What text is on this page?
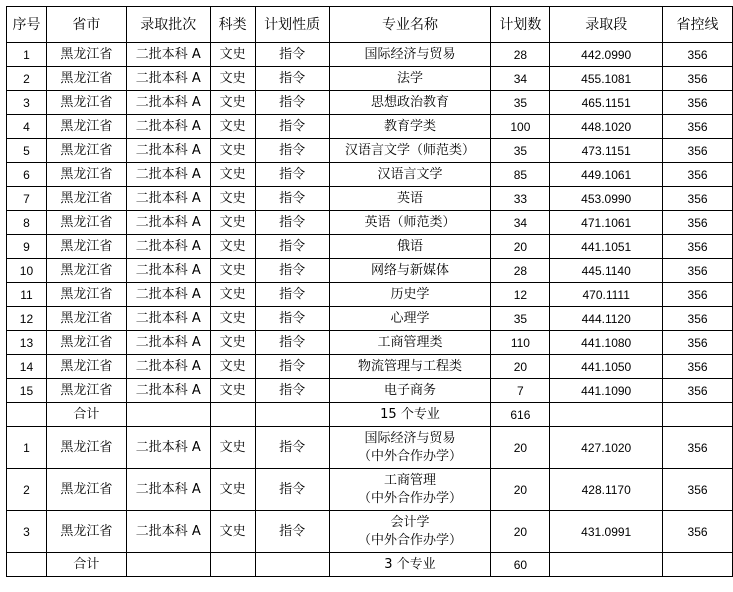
序号	省市	录取批次	科类	计划性质	专业名称	计划数	录取段	省控线
1	黑龙江省	二批本科 A	文史	指令	国际经济与贸易	28	442.0990	356
2	黑龙江省	二批本科 A	文史	指令	法学	34	455.1081	356
3	黑龙江省	二批本科 A	文史	指令	思想政治教育	35	465.1151	356
4	黑龙江省	二批本科 A	文史	指令	教育学类	100	448.1020	356
5	黑龙江省	二批本科 A	文史	指令	汉语言文学（师范类）	35	473.1151	356
6	黑龙江省	二批本科 A	文史	指令	汉语言文学	85	449.1061	356
7	黑龙江省	二批本科 A	文史	指令	英语	33	453.0990	356
8	黑龙江省	二批本科 A	文史	指令	英语（师范类）	34	471.1061	356
9	黑龙江省	二批本科 A	文史	指令	俄语	20	441.1051	356
10	黑龙江省	二批本科 A	文史	指令	网络与新媒体	28	445.1140	356
11	黑龙江省	二批本科 A	文史	指令	历史学	12	470.1111	356
12	黑龙江省	二批本科 A	文史	指令	心理学	35	444.1120	356
13	黑龙江省	二批本科 A	文史	指令	工商管理类	110	441.1080	356
14	黑龙江省	二批本科 A	文史	指令	物流管理与工程类	20	441.1050	356
15	黑龙江省	二批本科 A	文史	指令	电子商务	7	441.1090	356
	合计				15 个专业	616		
1	黑龙江省	二批本科 A	文史	指令	国际经济与贸易
（中外合作办学）	20	427.1020	356
2	黑龙江省	二批本科 A	文史	指令	工商管理
（中外合作办学）	20	428.1170	356
3	黑龙江省	二批本科 A	文史	指令	会计学
（中外合作办学）	20	431.0991	356
	合计				3 个专业	60		
